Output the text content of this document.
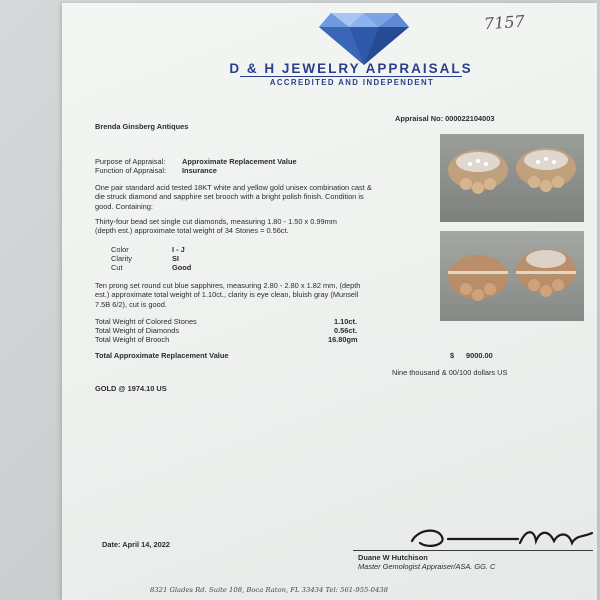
7157
D & H JEWELRY APPRAISALS
ACCREDITED AND INDEPENDENT
Brenda Ginsberg Antiques
Appraisal No: 000022104003
Purpose of Appraisal: Approximate Replacement Value
Function of Appraisal: Insurance
One pair standard acid tested 18KT white and yellow gold unisex combination cast & die struck diamond and sapphire set brooch with a bright polish finish. Condition is good. Containing:
Thirty-four bead set single cut diamonds, measuring 1.80 - 1.50 x 0.99mm (depth est.) approximate total weight of 34 Stones = 0.56ct.
Color	I - J
Clarity	SI
Cut	Good
Ten prong set round cut blue sapphires, measuring 2.80 - 2.80 x 1.82 mm, (depth est.) approximate total weight of 1.10ct., clarity is eye clean, bluish gray (Munsell 7.5B 6/2), cut is good.
Total Weight of Colored Stones	1.10ct.
Total Weight of Diamonds	0.56ct.
Total Weight of Brooch	16.80gm
Total Approximate Replacement Value	$ 9000.00
Nine thousand & 00/100 dollars US
GOLD @ 1974.10 US
Date: April 14, 2022
Duane W Hutchison
Master Gemologist Appraiser/ASA. GG. C
8321 Glades Rd. Suite 108, Boca Raton, FL 33434 Tel: 561-955-0438
